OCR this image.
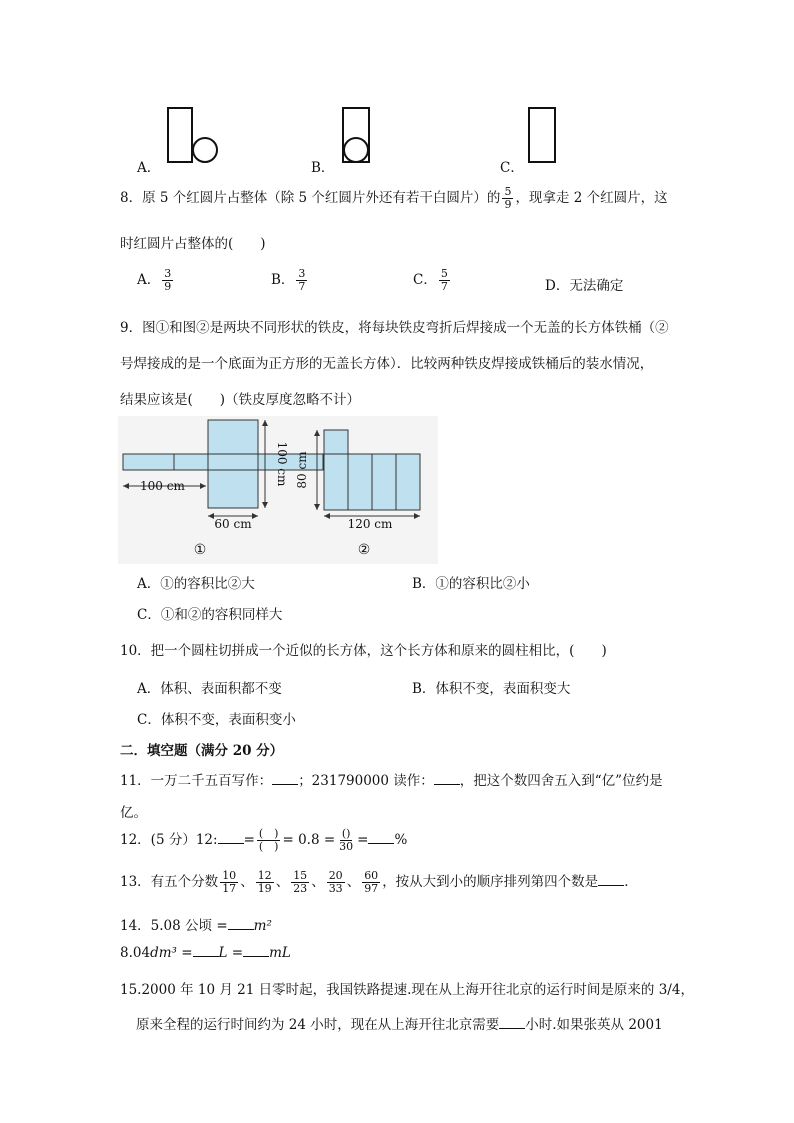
A．	B．	C．
8．原 5 个红圆片占整体（除 5 个红圆片外还有若干白圆片）的 $\frac{5}{9}$ ，现拿走 2 个红圆片，这
时红圆片占整体的(　　)
A． $\frac{3}{9}$	B． $\frac{3}{7}$	C． $\frac{5}{7}$	D．无法确定
9．图①和图②是两块不同形状的铁皮，将每块铁皮弯折后焊接成一个无盖的长方体铁桶（②
号焊接成的是一个底面为正方形的无盖长方体）．比较两种铁皮焊接成铁桶后的装水情况，
结果应该是(　　)（铁皮厚度忽略不计）
100 cm	100 cm
60 cm
①
80 cm
120 cm
②
A．①的容积比②大	B．①的容积比②小
C．①和②的容积同样大
10．把一个圆柱切拼成一个近似的长方体，这个长方体和原来的圆柱相比，(　　)
A．体积、表面积都不变	B．体积不变，表面积变大
C．体积不变，表面积变小
二．填空题（满分 20 分）
11．一万二千五百写作： ；231790000 读作： ，把这个数四舍五入到“亿”位约是
亿。
12．(5 分）12: = $\frac{( )}{( )} = 0.8 = \frac{()}{30}$ = %
13．有五个分数 $\frac{10}{17}$ 、 $\frac{12}{19}$ 、 $\frac{15}{23}$ 、 $\frac{20}{33}$ 、 $\frac{60}{97}$ ，按从大到小的顺序排列第四个数是 ．
14．5.08 公顷 = m²
8.04dm³ = L = mL
15.2000 年 10 月 21 日零时起，我国铁路提速.现在从上海开往北京的运行时间是原来的 3/4，
原来全程的运行时间约为 24 小时，现在从上海开往北京需要 小时.如果张英从 2001
